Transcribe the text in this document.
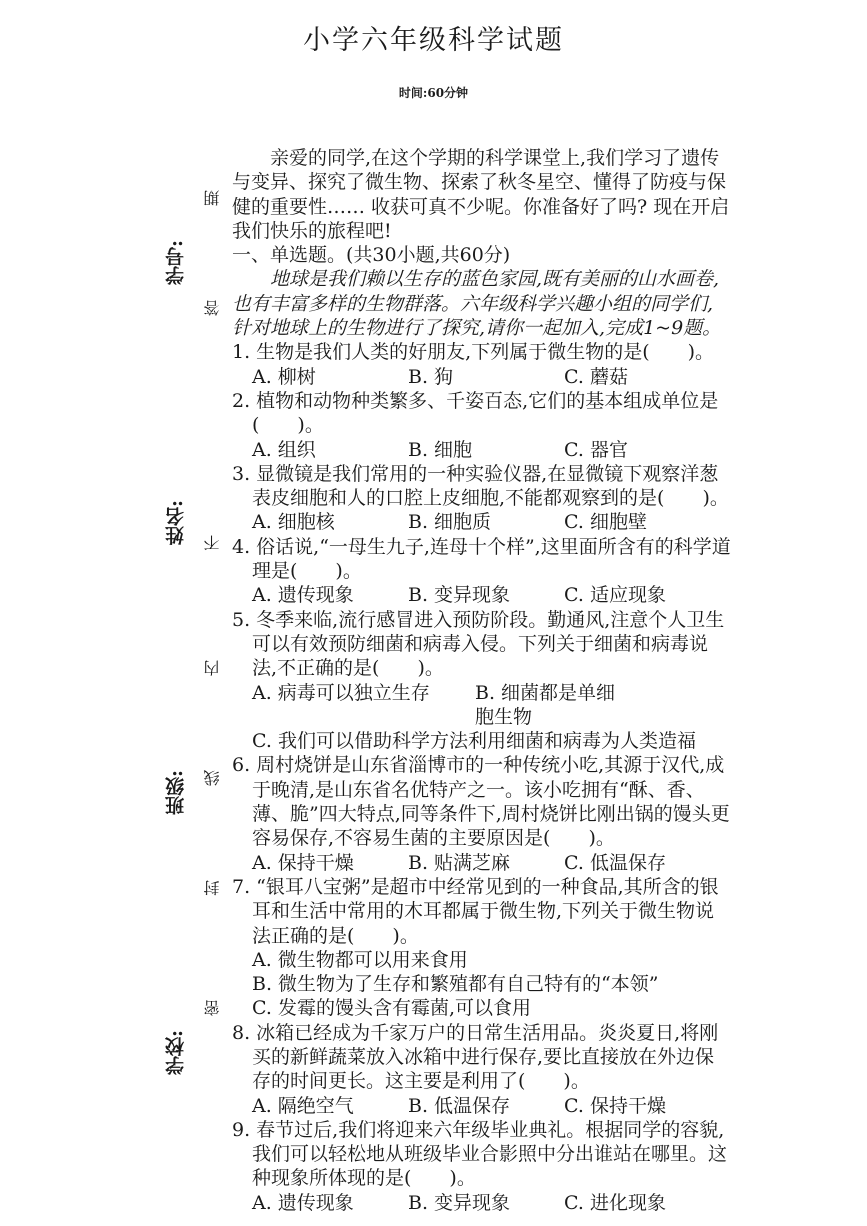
小学六年级科学试题
时间:60分钟
学号:
姓名:
班级:
学校:
期
答
不
内
线
封
密

亲爱的同学,在这个学期的科学课堂上,我们学习了遗传与变异、探究了微生物、探索了秋冬星空、懂得了防疫与保健的重要性…… 收获可真不少呢。你准备好了吗? 现在开启我们快乐的旅程吧!

一、单选题。(共30小题,共60分)

地球是我们赖以生存的蓝色家园,既有美丽的山水画卷,也有丰富多样的生物群落。六年级科学兴趣小组的同学们,针对地球上的生物进行了探究,请你一起加入,完成1~9题。

1. 生物是我们人类的好朋友,下列属于微生物的是(　　)。

A. 柳树	B. 狗	C. 蘑菇

2. 植物和动物种类繁多、千姿百态,它们的基本组成单位是(　　)。

A. 组织	B. 细胞	C. 器官

3. 显微镜是我们常用的一种实验仪器,在显微镜下观察洋葱表皮细胞和人的口腔上皮细胞,不能都观察到的是(　　)。

A. 细胞核	B. 细胞质	C. 细胞壁

4. 俗话说,“一母生九子,连母十个样”,这里面所含有的科学道理是(　　)。

A. 遗传现象	B. 变异现象	C. 适应现象

5. 冬季来临,流行感冒进入预防阶段。勤通风,注意个人卫生可以有效预防细菌和病毒入侵。下列关于细菌和病毒说法,不正确的是(　　)。

A. 病毒可以独立生存	B. 细菌都是单细胞生物

C. 我们可以借助科学方法利用细菌和病毒为人类造福

6. 周村烧饼是山东省淄博市的一种传统小吃,其源于汉代,成于晚清,是山东省名优特产之一。该小吃拥有“酥、香、薄、脆”四大特点,同等条件下,周村烧饼比刚出锅的馒头更容易保存,不容易生菌的主要原因是(　　)。

A. 保持干燥	B. 贴满芝麻	C. 低温保存

7. “银耳八宝粥”是超市中经常见到的一种食品,其所含的银耳和生活中常用的木耳都属于微生物,下列关于微生物说法正确的是(　　)。

A. 微生物都可以用来食用

B. 微生物为了生存和繁殖都有自己特有的“本领”

C. 发霉的馒头含有霉菌,可以食用

8. 冰箱已经成为千家万户的日常生活用品。炎炎夏日,将刚买的新鲜蔬菜放入冰箱中进行保存,要比直接放在外边保存的时间更长。这主要是利用了(　　)。

A. 隔绝空气	B. 低温保存	C. 保持干燥

9. 春节过后,我们将迎来六年级毕业典礼。根据同学的容貌,我们可以轻松地从班级毕业合影照中分出谁站在哪里。这种现象所体现的是(　　)。

A. 遗传现象	B. 变异现象	C. 进化现象
